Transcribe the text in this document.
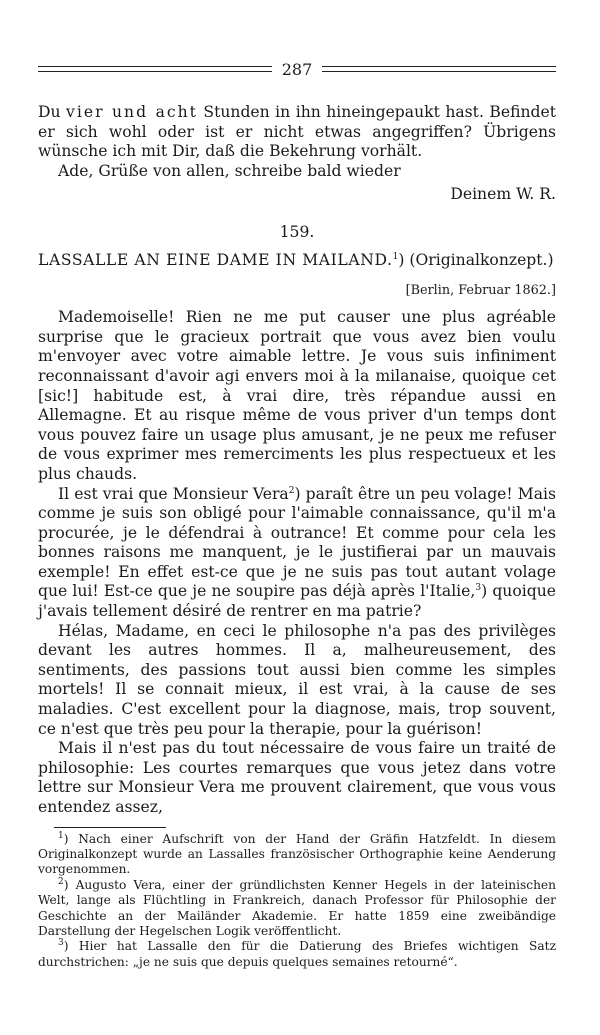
287

Du vier und acht Stunden in ihn hineingepaukt hast. Befindet er sich wohl oder ist er nicht etwas angegriffen? Übrigens wünsche ich mit Dir, daß die Bekehrung vorhält.

Ade, Grüße von allen, schreibe bald wieder

Deinem W. R.

159.

LASSALLE AN EINE DAME IN MAILAND.$^1$) (Originalkonzept.)

[Berlin, Februar 1862.]

Mademoiselle! Rien ne me put causer une plus agréable surprise que le gracieux portrait que vous avez bien voulu m'envoyer avec votre aimable lettre. Je vous suis infiniment reconnaissant d'avoir agi envers moi à la milanaise, quoique cet [sic!] habitude est, à vrai dire, très répandue aussi en Allemagne. Et au risque même de vous priver d'un temps dont vous pouvez faire un usage plus amusant, je ne peux me refuser de vous exprimer mes remerciments les plus respectueux et les plus chauds.

Il est vrai que Monsieur Vera$^2$) paraît être un peu volage! Mais comme je suis son obligé pour l'aimable connaissance, qu'il m'a procurée, je le défendrai à outrance! Et comme pour cela les bonnes raisons me manquent, je le justifierai par un mauvais exemple! En effet est-ce que je ne suis pas tout autant volage que lui! Est-ce que je ne soupire pas déjà après l'Italie,$^3$) quoique j'avais tellement désiré de rentrer en ma patrie?

Hélas, Madame, en ceci le philosophe n'a pas des privilèges devant les autres hommes. Il a, malheureusement, des sentiments, des passions tout aussi bien comme les simples mortels! Il se connait mieux, il est vrai, à la cause de ses maladies. C'est excellent pour la diagnose, mais, trop souvent, ce n'est que très peu pour la therapie, pour la guérison!

Mais il n'est pas du tout nécessaire de vous faire un traité de philosophie: Les courtes remarques que vous jetez dans votre lettre sur Monsieur Vera me prouvent clairement, que vous vous entendez assez,

$^1$) Nach einer Aufschrift von der Hand der Gräfin Hatzfeldt. In diesem Originalkonzept wurde an Lassalles französischer Orthographie keine Aenderung vorgenommen.

$^2$) Augusto Vera, einer der gründlichsten Kenner Hegels in der lateinischen Welt, lange als Flüchtling in Frankreich, danach Professor für Philosophie der Geschichte an der Mailänder Akademie. Er hatte 1859 eine zweibändige Darstellung der Hegelschen Logik veröffentlicht.

$^3$) Hier hat Lassalle den für die Datierung des Briefes wichtigen Satz durchstrichen: „je ne suis que depuis quelques semaines retourné“.
